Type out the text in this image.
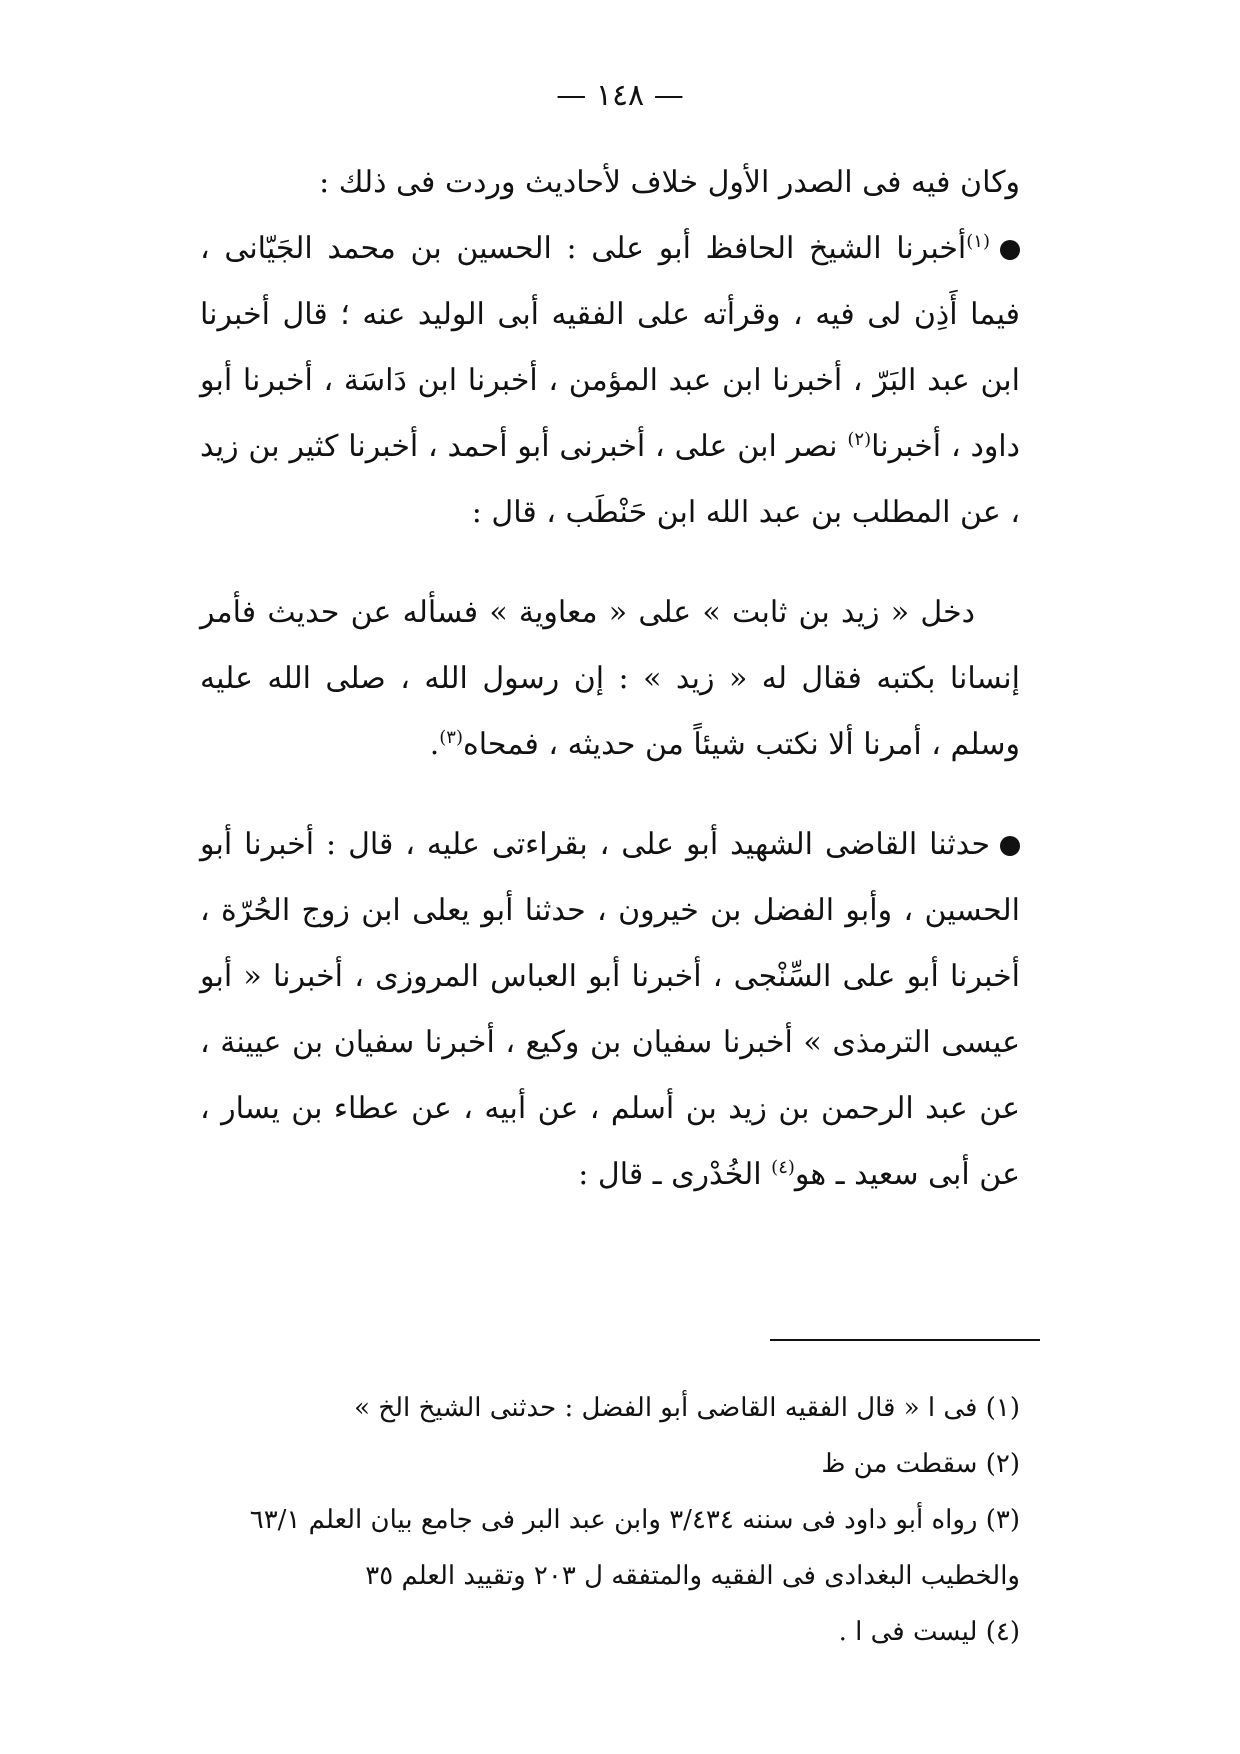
— ١٤٨ —

وكان فيه فى الصدر الأول خلاف لأحاديث وردت فى ذلك :

$^{(١)}$أخبرنا الشيخ الحافظ أبو على : الحسين بن محمد الجَيّانى ، فيما أَذِن لى فيه ، وقرأته على الفقيه أبى الوليد عنه ؛ قال أخبرنا ابن عبد البَرّ ، أخبرنا ابن عبد المؤمن ، أخبرنا ابن دَاسَة ، أخبرنا أبو داود ، أخبرنا$^{(٢)}$ نصر ابن على ، أخبرنى أبو أحمد ، أخبرنا كثير بن زيد ، عن المطلب بن عبد الله ابن حَنْطَب ، قال :

دخل « زيد بن ثابت » على « معاوية » فسأله عن حديث فأمر إنسانا بكتبه فقال له « زيد » : إن رسول الله ، صلى الله عليه وسلم ، أمرنا ألا نكتب شيئاً من حديثه ، فمحاه$^{(٣)}$.

حدثنا القاضى الشهيد أبو على ، بقراءتى عليه ، قال : أخبرنا أبو الحسين ، وأبو الفضل بن خيرون ، حدثنا أبو يعلى ابن زوج الحُرّة ، أخبرنا أبو على السِّنْجى ، أخبرنا أبو العباس المروزى ، أخبرنا « أبو عيسى الترمذى » أخبرنا سفيان بن وكيع ، أخبرنا سفيان بن عيينة ، عن عبد الرحمن بن زيد بن أسلم ، عن أبيه ، عن عطاء بن يسار ، عن أبى سعيد ـ هو$^{(٤)}$ الخُدْرى ـ قال :

(١) فى ا « قال الفقيه القاضى أبو الفضل : حدثنى الشيخ الخ »

(٢) سقطت من ظ

(٣) رواه أبو داود فى سننه ٣/٤٣٤ وابن عبد البر فى جامع بيان العلم ٦٣/١ والخطيب البغدادى فى الفقيه والمتفقه ل ٢٠٣ وتقييد العلم ٣٥

(٤) ليست فى ا .
